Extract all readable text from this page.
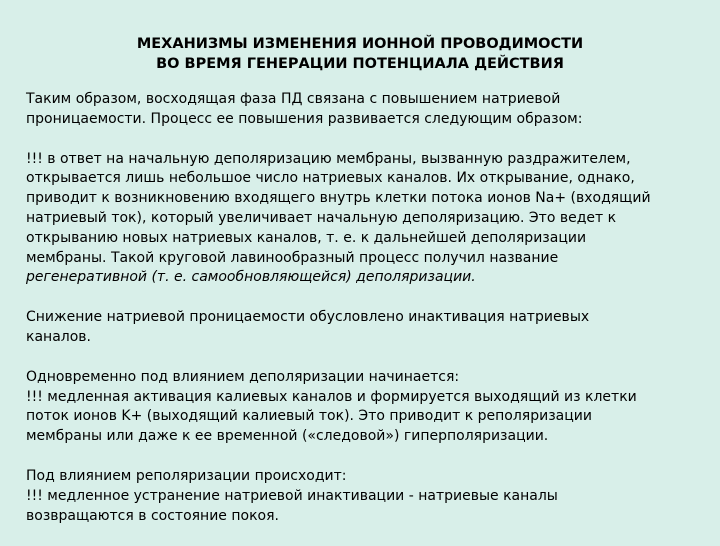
МЕХАНИЗМЫ ИЗМЕНЕНИЯ ИОННОЙ ПРОВОДИМОСТИ
ВО ВРЕМЯ ГЕНЕРАЦИИ ПОТЕНЦИАЛА ДЕЙСТВИЯ
Таким образом, восходящая фаза ПД связана с повышением натриевой
проницаемости. Процесс ее повышения развивается следующим образом:
!!! в ответ на начальную деполяризацию мембраны, вызванную раздражителем,
открывается лишь небольшое число натриевых каналов. Их открывание, однако,
приводит к возникновению входящего внутрь клетки потока ионов Na+ (входящий
натриевый ток), который увеличивает начальную деполяризацию. Это ведет к
открыванию новых натриевых каналов, т. е. к дальнейшей деполяризации
мембраны. Такой круговой лавинообразный процесс получил название
регенеративной (т. е. самообновляющейся) деполяризации.
Снижение натриевой проницаемости обусловлено инактивация натриевых
каналов.
Одновременно под влиянием деполяризации начинается:
!!! медленная активация калиевых каналов и формируется выходящий из клетки
поток ионов K+ (выходящий калиевый ток). Это приводит к реполяризации
мембраны или даже к ее временной («следовой») гиперполяризации.
Под влиянием реполяризации происходит:
!!! медленное устранение натриевой инактивации - натриевые каналы
возвращаются в состояние покоя.
